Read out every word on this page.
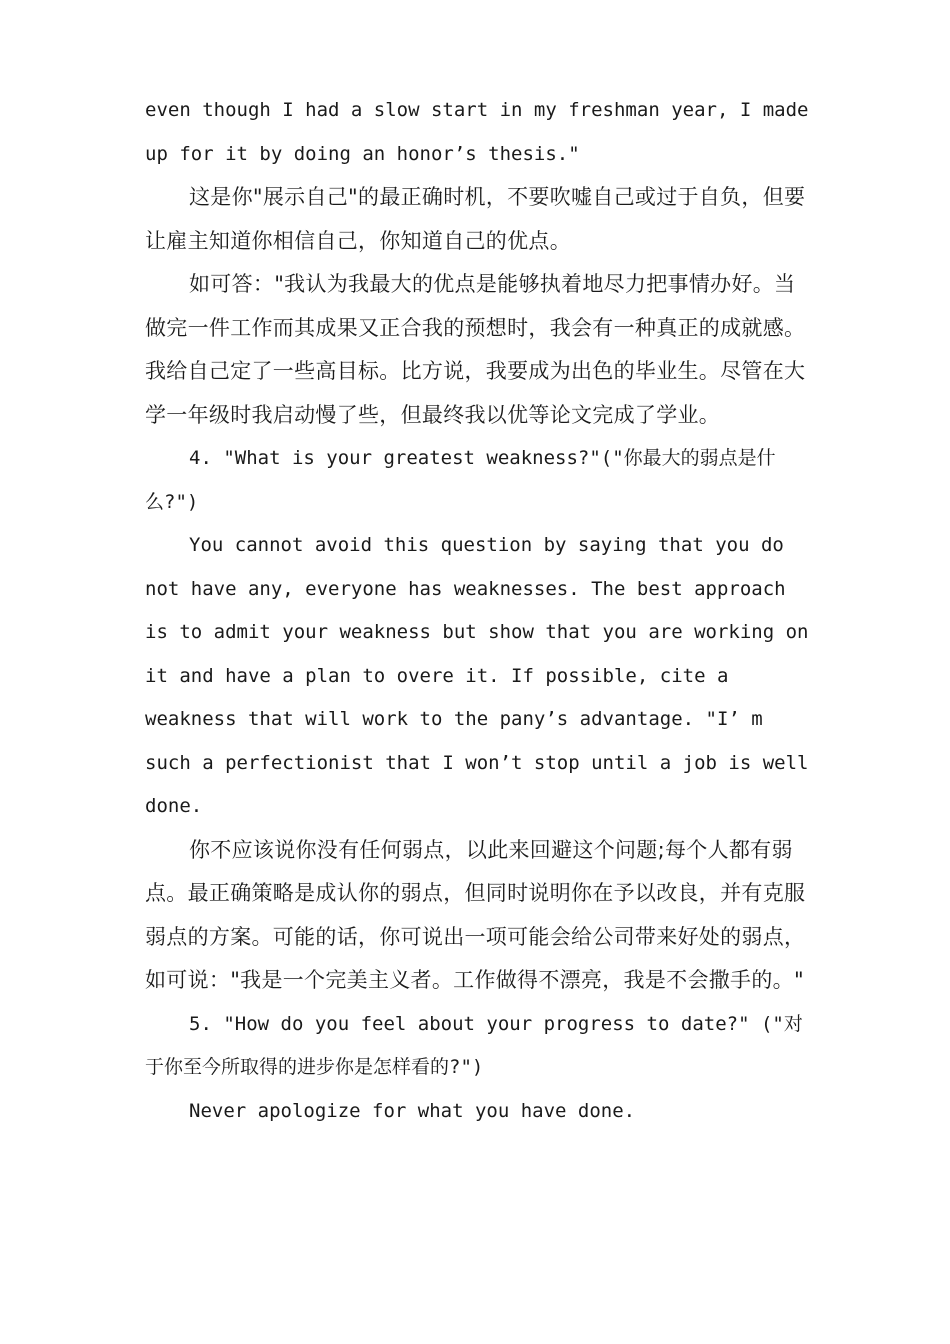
even though I had a slow start in my freshman year, I made up for it by doing an honor’s thesis."

这是你"展示自己"的最正确时机，不要吹嘘自己或过于自负，但要让雇主知道你相信自己，你知道自己的优点。

如可答："我认为我最大的优点是能够执着地尽力把事情办好。当做完一件工作而其成果又正合我的预想时，我会有一种真正的成就感。我给自己定了一些高目标。比方说，我要成为出色的毕业生。尽管在大学一年级时我启动慢了些，但最终我以优等论文完成了学业。

4. "What is your greatest weakness?"("你最大的弱点是什么?")

You cannot avoid this question by saying that you do not have any, everyone has weaknesses. The best approach is to admit your weakness but show that you are working on it and have a plan to overe it. If possible, cite a weakness that will work to the pany’s advantage. "I’ m such a perfectionist that I won’t stop until a job is well done.

你不应该说你没有任何弱点，以此来回避这个问题;每个人都有弱点。最正确策略是成认你的弱点，但同时说明你在予以改良，并有克服弱点的方案。可能的话，你可说出一项可能会给公司带来好处的弱点，如可说："我是一个完美主义者。工作做得不漂亮，我是不会撒手的。"

5. "How do you feel about your progress to date?" ("对于你至今所取得的进步你是怎样看的?")

Never apologize for what you have done.
